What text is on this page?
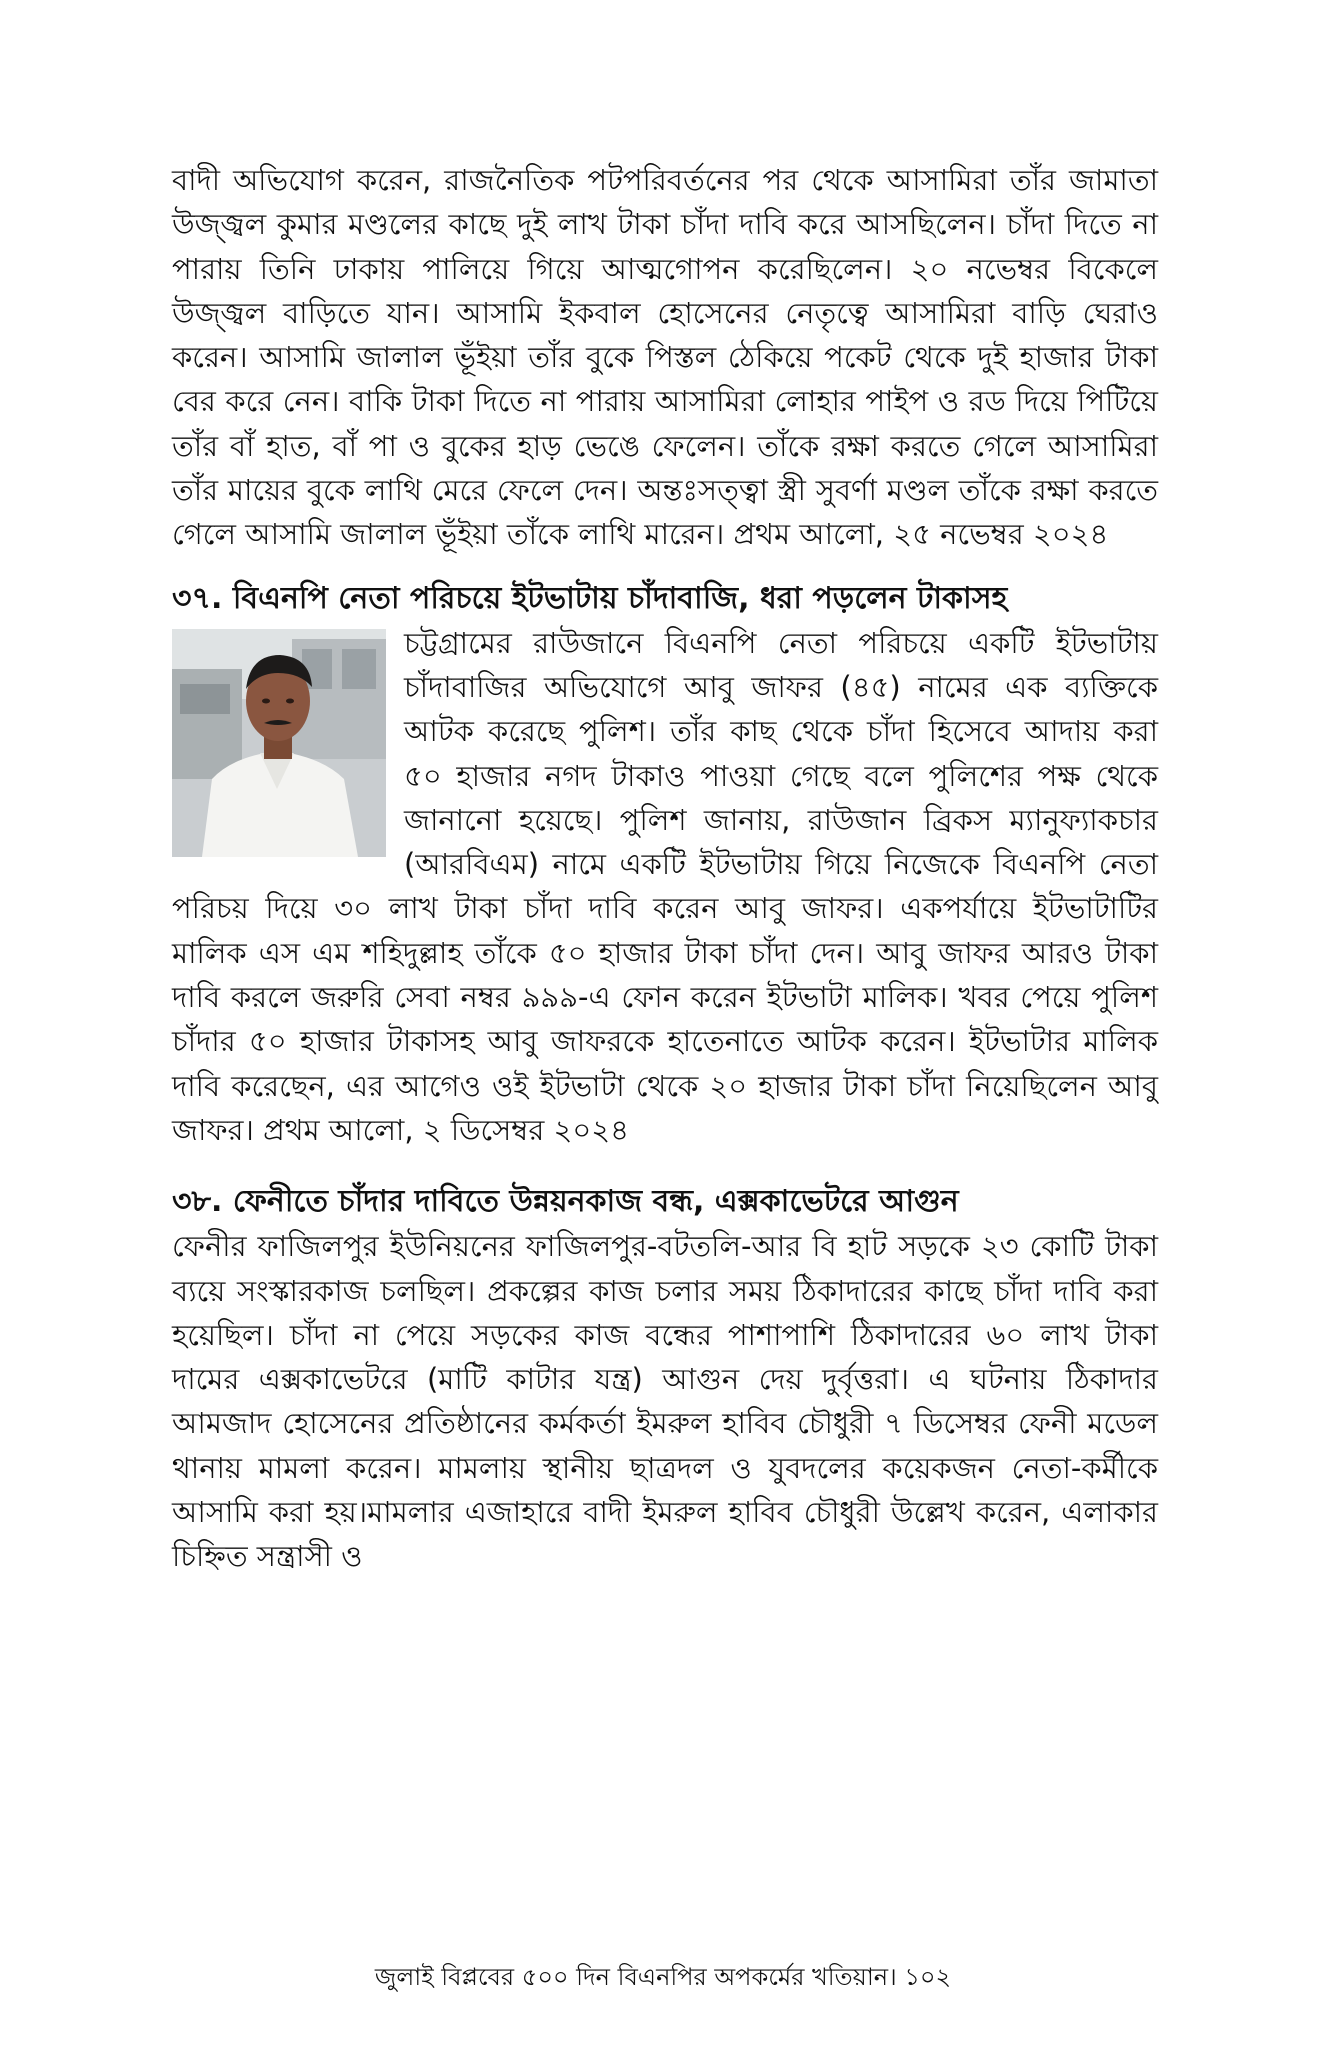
বাদী অভিযোগ করেন, রাজনৈতিক পটপরিবর্তনের পর থেকে আসামিরা তাঁর জামাতা উজ্জ্বল কুমার মণ্ডলের কাছে দুই লাখ টাকা চাঁদা দাবি করে আসছিলেন। চাঁদা দিতে না পারায় তিনি ঢাকায় পালিয়ে গিয়ে আত্মগোপন করেছিলেন। ২০ নভেম্বর বিকেলে উজ্জ্বল বাড়িতে যান। আসামি ইকবাল হোসেনের নেতৃত্বে আসামিরা বাড়ি ঘেরাও করেন। আসামি জালাল ভূঁইয়া তাঁর বুকে পিস্তল ঠেকিয়ে পকেট থেকে দুই হাজার টাকা বের করে নেন। বাকি টাকা দিতে না পারায় আসামিরা লোহার পাইপ ও রড দিয়ে পিটিয়ে তাঁর বাঁ হাত, বাঁ পা ও বুকের হাড় ভেঙে ফেলেন। তাঁকে রক্ষা করতে গেলে আসামিরা তাঁর মায়ের বুকে লাথি মেরে ফেলে দেন। অন্তঃসত্ত্বা স্ত্রী সুবর্ণা মণ্ডল তাঁকে রক্ষা করতে গেলে আসামি জালাল ভূঁইয়া তাঁকে লাথি মারেন। প্রথম আলো, ২৫ নভেম্বর ২০২৪

৩৭. বিএনপি নেতা পরিচয়ে ইটভাটায় চাঁদাবাজি, ধরা পড়লেন টাকাসহ

চট্টগ্রামের রাউজানে বিএনপি নেতা পরিচয়ে একটি ইটভাটায় চাঁদাবাজির অভিযোগে আবু জাফর (৪৫) নামের এক ব্যক্তিকে আটক করেছে পুলিশ। তাঁর কাছ থেকে চাঁদা হিসেবে আদায় করা ৫০ হাজার নগদ টাকাও পাওয়া গেছে বলে পুলিশের পক্ষ থেকে জানানো হয়েছে। পুলিশ জানায়, রাউজান ব্রিকস ম্যানুফ্যাকচার (আরবিএম) নামে একটি ইটভাটায় গিয়ে নিজেকে বিএনপি নেতা পরিচয় দিয়ে ৩০ লাখ টাকা চাঁদা দাবি করেন আবু জাফর। একপর্যায়ে ইটভাটাটির মালিক এস এম শহিদুল্লাহ তাঁকে ৫০ হাজার টাকা চাঁদা দেন। আবু জাফর আরও টাকা দাবি করলে জরুরি সেবা নম্বর ৯৯৯-এ ফোন করেন ইটভাটা মালিক। খবর পেয়ে পুলিশ চাঁদার ৫০ হাজার টাকাসহ আবু জাফরকে হাতেনাতে আটক করেন। ইটভাটার মালিক দাবি করেছেন, এর আগেও ওই ইটভাটা থেকে ২০ হাজার টাকা চাঁদা নিয়েছিলেন আবু জাফর। প্রথম আলো, ২ ডিসেম্বর ২০২৪

৩৮. ফেনীতে চাঁদার দাবিতে উন্নয়নকাজ বন্ধ, এক্সকাভেটরে আগুন

ফেনীর ফাজিলপুর ইউনিয়নের ফাজিলপুর-বটতলি-আর বি হাট সড়কে ২৩ কোটি টাকা ব্যয়ে সংস্কারকাজ চলছিল। প্রকল্পের কাজ চলার সময় ঠিকাদারের কাছে চাঁদা দাবি করা হয়েছিল। চাঁদা না পেয়ে সড়কের কাজ বন্ধের পাশাপাশি ঠিকাদারের ৬০ লাখ টাকা দামের এক্সকাভেটরে (মাটি কাটার যন্ত্র) আগুন দেয় দুর্বৃত্তরা। এ ঘটনায় ঠিকাদার আমজাদ হোসেনের প্রতিষ্ঠানের কর্মকর্তা ইমরুল হাবিব চৌধুরী ৭ ডিসেম্বর ফেনী মডেল থানায় মামলা করেন। মামলায় স্থানীয় ছাত্রদল ও যুবদলের কয়েকজন নেতা-কর্মীকে আসামি করা হয়।মামলার এজাহারে বাদী ইমরুল হাবিব চৌধুরী উল্লেখ করেন, এলাকার চিহ্নিত সন্ত্রাসী ও

জুলাই বিপ্লবের ৫০০ দিন বিএনপির অপকর্মের খতিয়ান। ১০২
